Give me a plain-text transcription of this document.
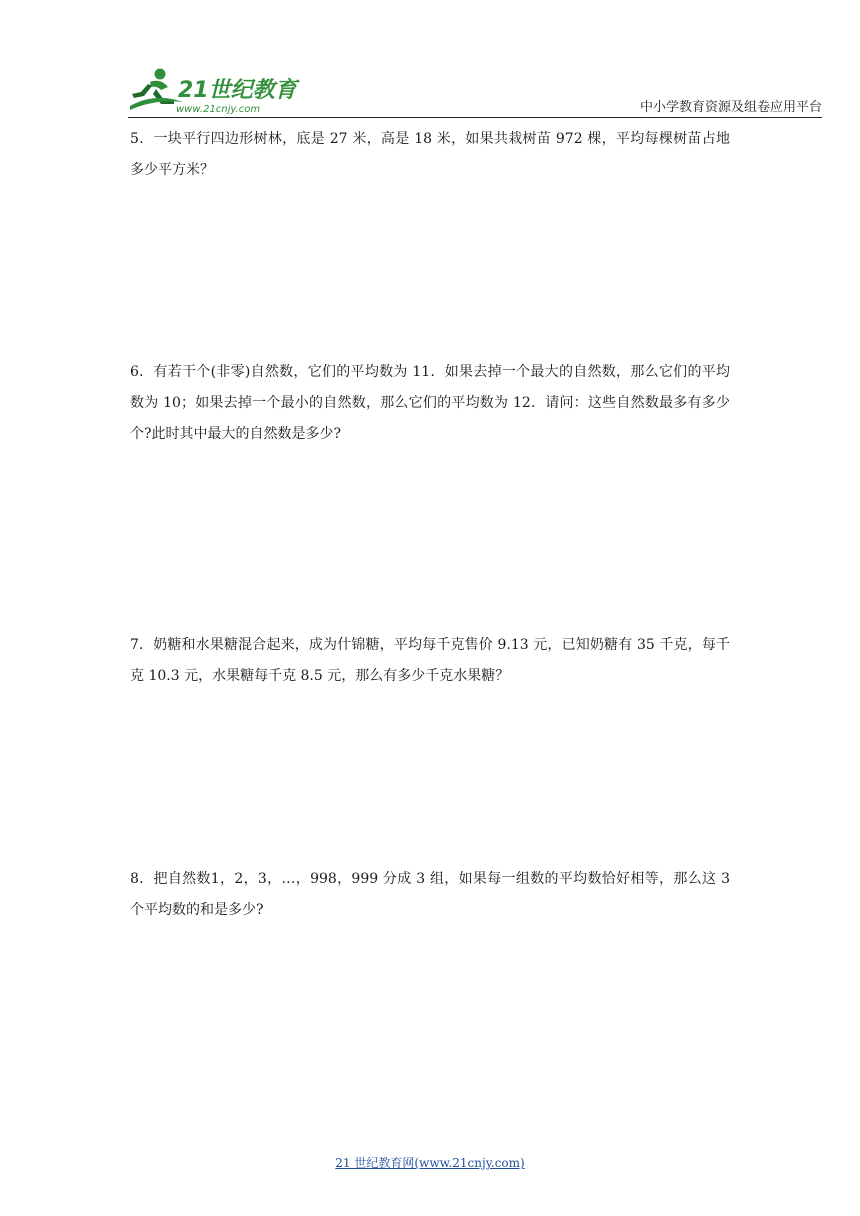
21世纪教育
www.21cnjy.com	中小学教育资源及组卷应用平台

5．一块平行四边形树林，底是 27 米，高是 18 米，如果共栽树苗 972 棵，平均每棵树苗占地多少平方米？

6．有若干个(非零)自然数，它们的平均数为 11．如果去掉一个最大的自然数，那么它们的平均数为 10；如果去掉一个最小的自然数，那么它们的平均数为 12．请问：这些自然数最多有多少个?此时其中最大的自然数是多少?

7．奶糖和水果糖混合起来，成为什锦糖，平均每千克售价 9.13 元，已知奶糖有 35 千克，每千克 10.3 元，水果糖每千克 8.5 元，那么有多少千克水果糖？

8．把自然数1，2，3，…，998，999 分成 3 组，如果每一组数的平均数恰好相等，那么这 3 个平均数的和是多少?

21 世纪教育网(www.21cnjy.com)
